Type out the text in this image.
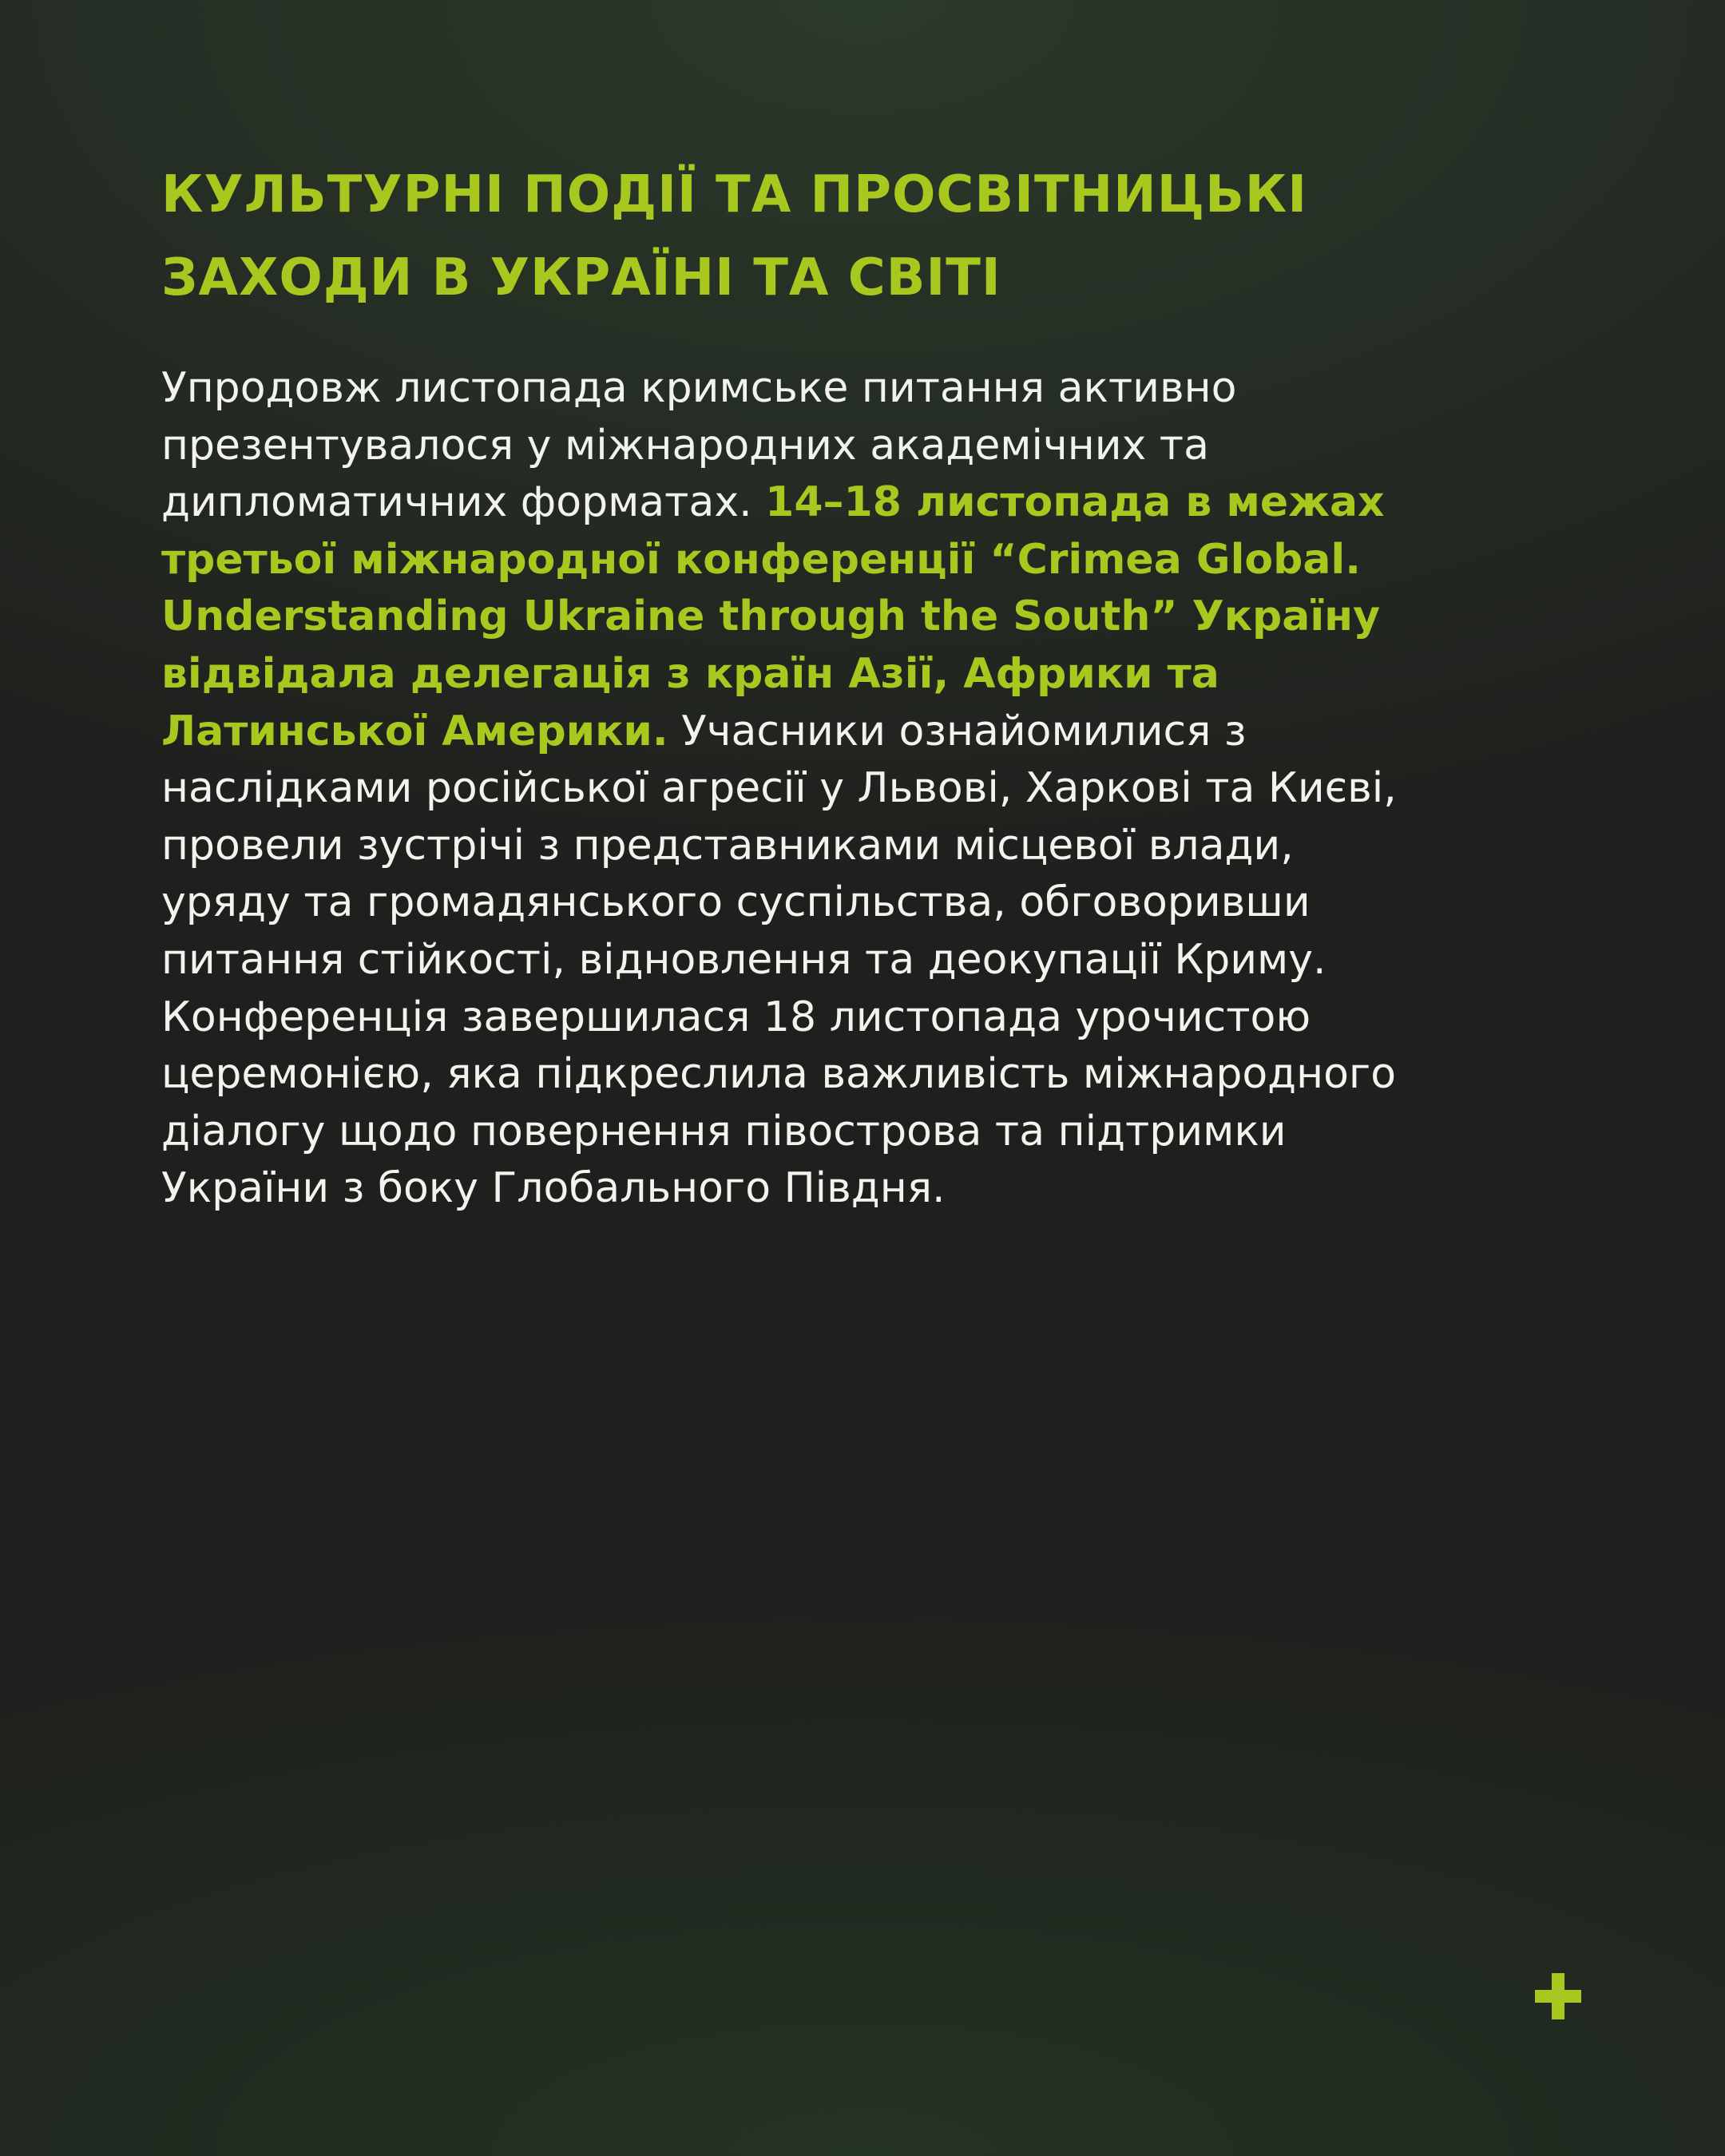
КУЛЬТУРНІ ПОДІЇ ТА ПРОСВІТНИЦЬКІ
ЗАХОДИ В УКРАЇНІ ТА СВІТІ

Упродовж листопада кримське питання активно
презентувалося у міжнародних академічних та
дипломатичних форматах. 14–18 листопада в межах
третьої міжнародної конференції “Crimea Global.
Understanding Ukraine through the South” Україну
відвідала делегація з країн Азії, Африки та
Латинської Америки. Учасники ознайомилися з
наслідками російської агресії у Львові, Харкові та Києві,
провели зустрічі з представниками місцевої влади,
уряду та громадянського суспільства, обговоривши
питання стійкості, відновлення та деокупації Криму.
Конференція завершилася 18 листопада урочистою
церемонією, яка підкреслила важливість міжнародного
діалогу щодо повернення півострова та підтримки
України з боку Глобального Півдня.
